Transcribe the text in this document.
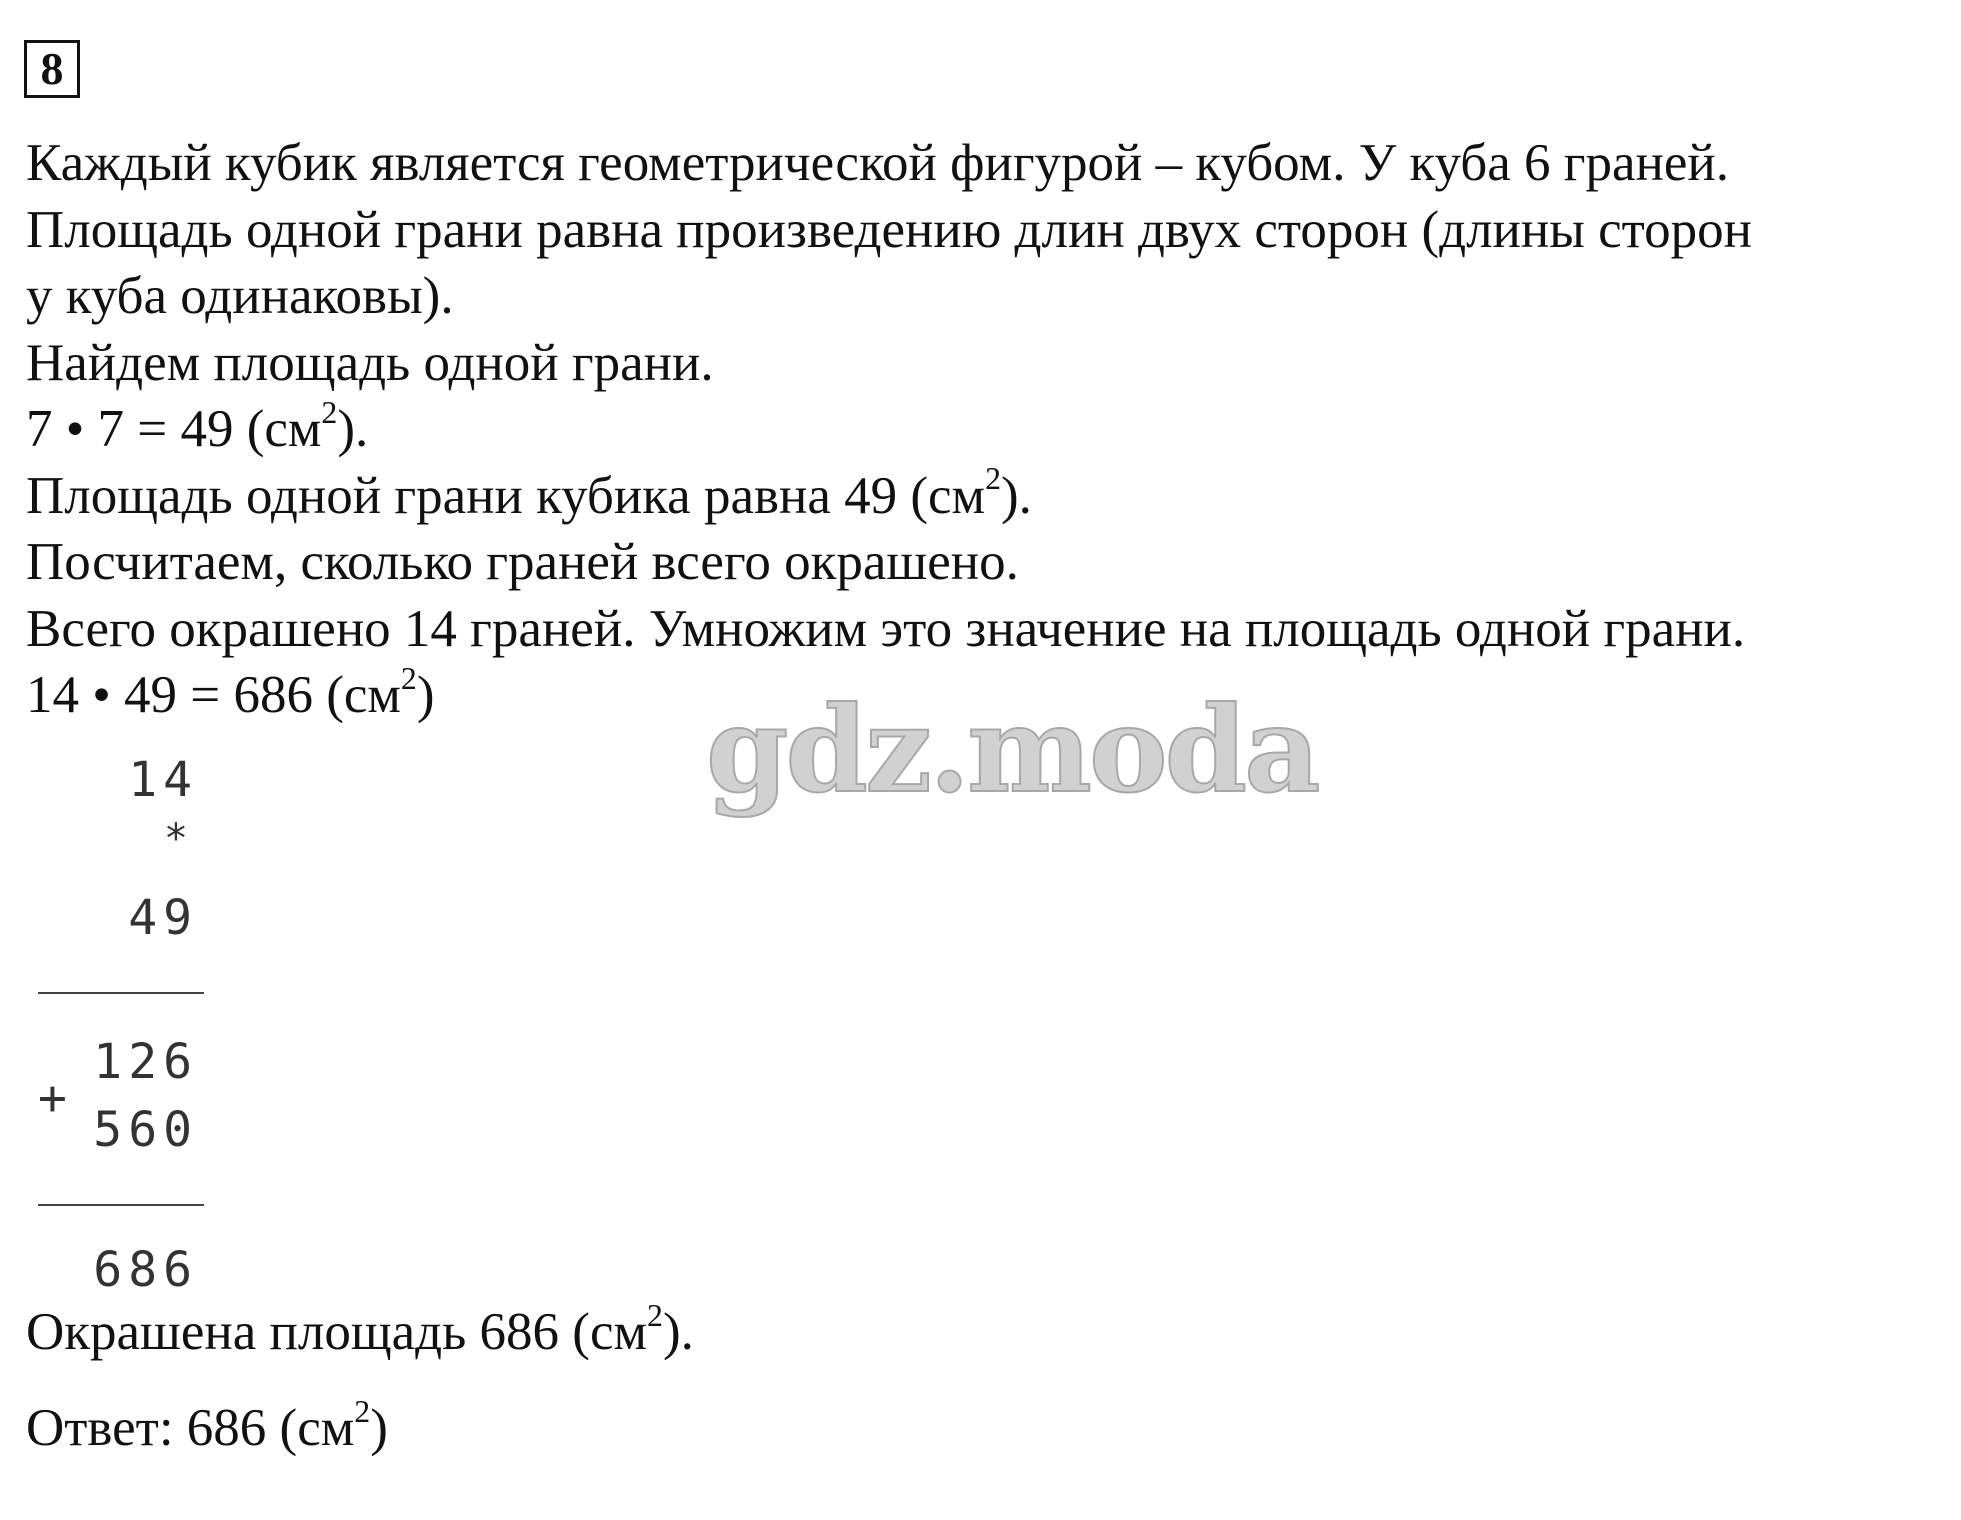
8

Каждый кубик является геометрической фигурой – кубом. У куба 6 граней.

Площадь одной грани равна произведению длин двух сторон (длины сторон

у куба одинаковы).

Найдем площадь одной грани.

7 • 7 = 49 $(см^2)$.

Площадь одной грани кубика равна 49 $(см^2)$.

Посчитаем, сколько граней всего окрашено.

Всего окрашено 14 граней. Умножим это значение на площадь одной грани.

14 • 49 = 686 $(см^2)$

14
*
49
126
+
560
686

Окрашена площадь 686 $(см^2)$.

Ответ: 686 $(см^2)$

gdz.moda
